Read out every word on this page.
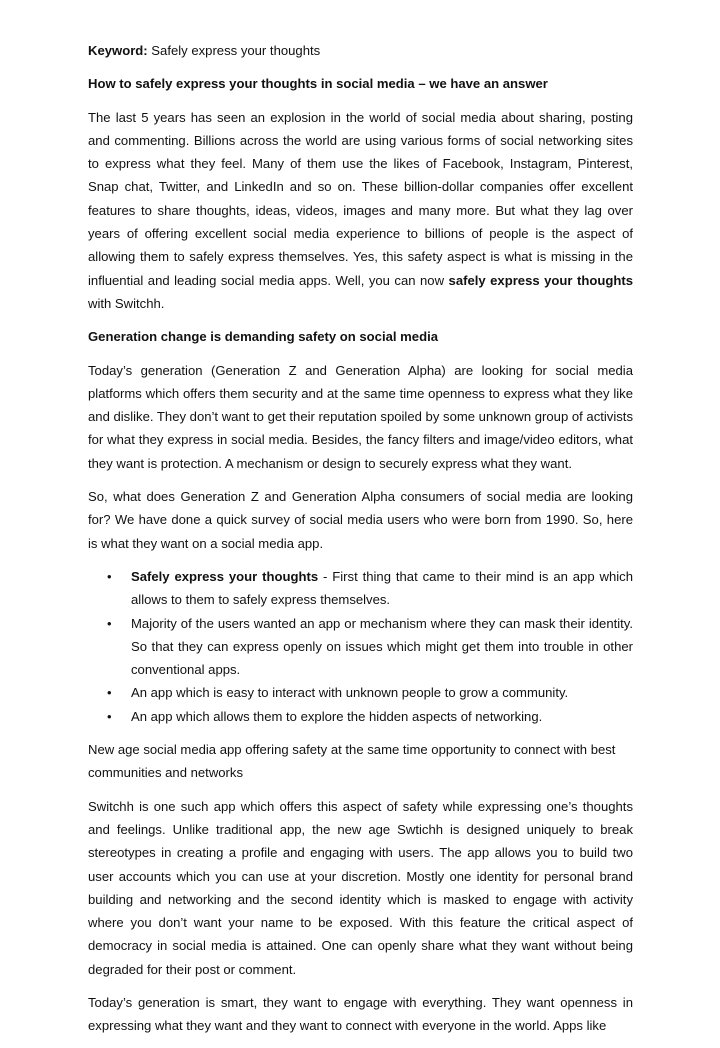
Keyword: Safely express your thoughts

How to safely express your thoughts in social media – we have an answer

The last 5 years has seen an explosion in the world of social media about sharing, posting and commenting. Billions across the world are using various forms of social networking sites to express what they feel. Many of them use the likes of Facebook, Instagram, Pinterest, Snap chat, Twitter, and LinkedIn and so on. These billion-dollar companies offer excellent features to share thoughts, ideas, videos, images and many more. But what they lag over years of offering excellent social media experience to billions of people is the aspect of allowing them to safely express themselves. Yes, this safety aspect is what is missing in the influential and leading social media apps. Well, you can now safely express your thoughts with Switchh.

Generation change is demanding safety on social media

Today’s generation (Generation Z and Generation Alpha) are looking for social media platforms which offers them security and at the same time openness to express what they like and dislike. They don’t want to get their reputation spoiled by some unknown group of activists for what they express in social media. Besides, the fancy filters and image/video editors, what they want is protection. A mechanism or design to securely express what they want.

So, what does Generation Z and Generation Alpha consumers of social media are looking for? We have done a quick survey of social media users who were born from 1990. So, here is what they want on a social media app.

• Safely express your thoughts - First thing that came to their mind is an app which allows to them to safely express themselves.
• Majority of the users wanted an app or mechanism where they can mask their identity. So that they can express openly on issues which might get them into trouble in other conventional apps.
• An app which is easy to interact with unknown people to grow a community.
• An app which allows them to explore the hidden aspects of networking.

New age social media app offering safety at the same time opportunity to connect with best communities and networks

Switchh is one such app which offers this aspect of safety while expressing one’s thoughts and feelings. Unlike traditional app, the new age Swtichh is designed uniquely to break stereotypes in creating a profile and engaging with users. The app allows you to build two user accounts which you can use at your discretion. Mostly one identity for personal brand building and networking and the second identity which is masked to engage with activity where you don’t want your name to be exposed. With this feature the critical aspect of democracy in social media is attained. One can openly share what they want without being degraded for their post or comment.

Today’s generation is smart, they want to engage with everything. They want openness in expressing what they want and they want to connect with everyone in the world. Apps like
